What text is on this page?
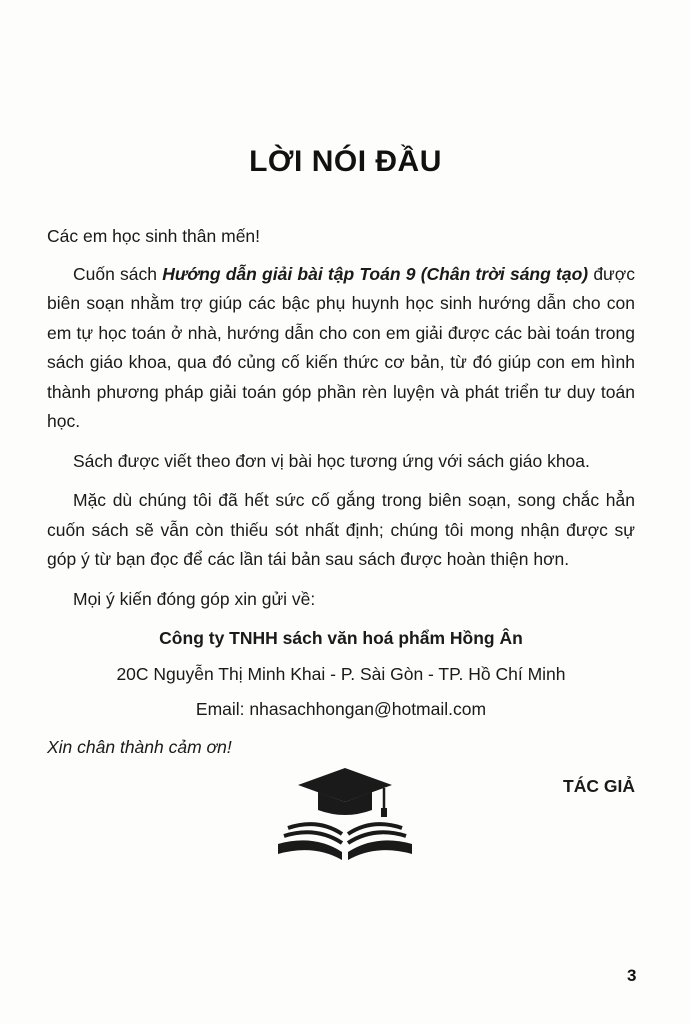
LỜI NÓI ĐẦU

Các em học sinh thân mến!

Cuốn sách Hướng dẫn giải bài tập Toán 9 (Chân trời sáng tạo) được biên soạn nhằm trợ giúp các bậc phụ huynh học sinh hướng dẫn cho con em tự học toán ở nhà, hướng dẫn cho con em giải được các bài toán trong sách giáo khoa, qua đó củng cố kiến thức cơ bản, từ đó giúp con em hình thành phương pháp giải toán góp phần rèn luyện và phát triển tư duy toán học.

Sách được viết theo đơn vị bài học tương ứng với sách giáo khoa.

Mặc dù chúng tôi đã hết sức cố gắng trong biên soạn, song chắc hẳn cuốn sách sẽ vẫn còn thiếu sót nhất định; chúng tôi mong nhận được sự góp ý từ bạn đọc để các lần tái bản sau sách được hoàn thiện hơn.

Mọi ý kiến đóng góp xin gửi về:

Công ty TNHH sách văn hoá phẩm Hồng Ân

20C Nguyễn Thị Minh Khai - P. Sài Gòn - TP. Hồ Chí Minh

Email: nhasachhongan@hotmail.com

Xin chân thành cảm ơn!

TÁC GIẢ

3
